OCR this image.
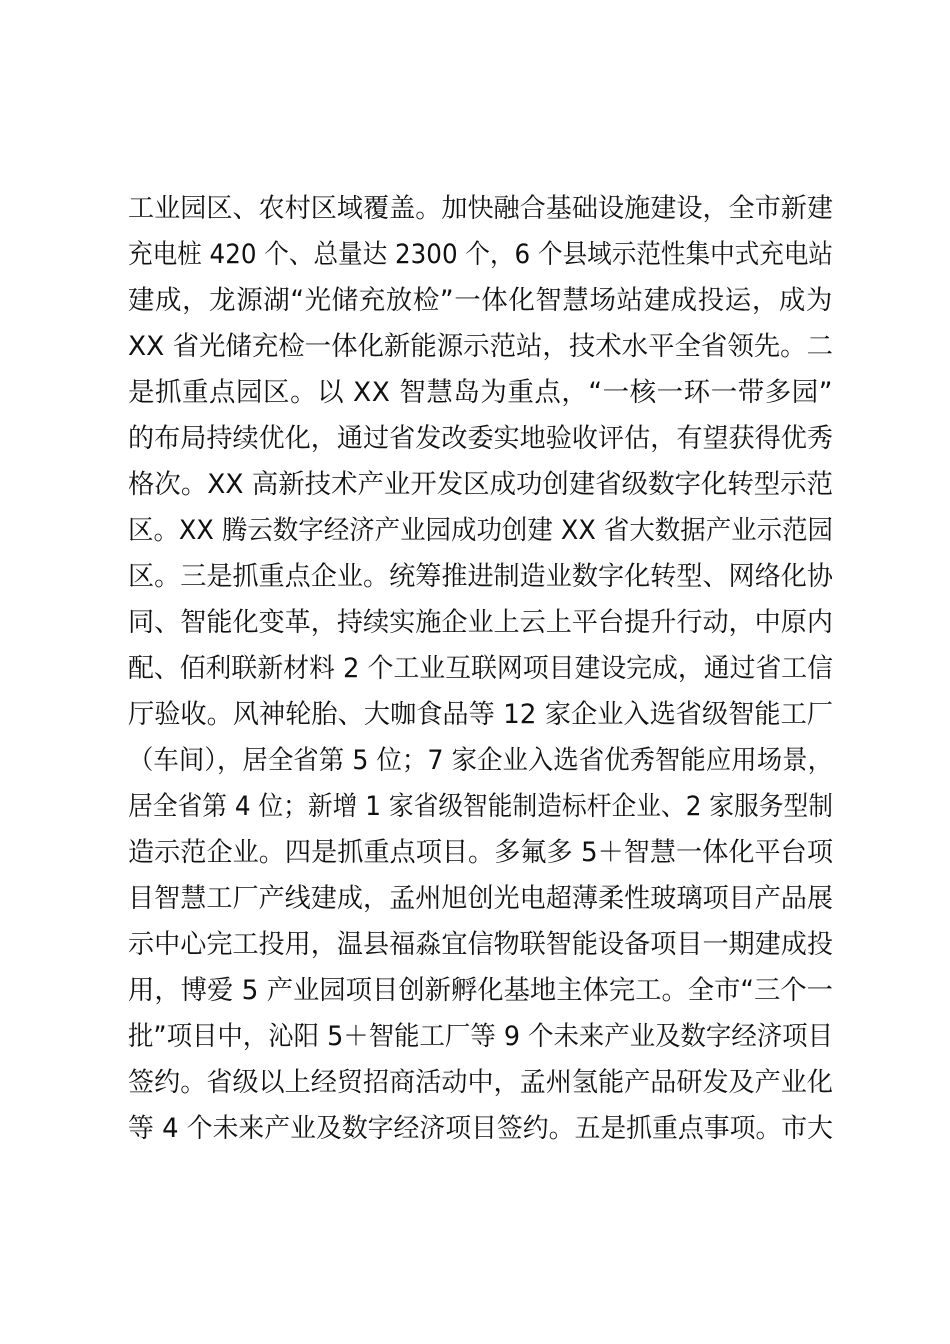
工业园区、农村区域覆盖。加快融合基础设施建设，全市新建
充电桩 420 个、总量达 2300 个，6 个县域示范性集中式充电站
建成，龙源湖“光储充放检”一体化智慧场站建成投运，成为
XX 省光储充检一体化新能源示范站，技术水平全省领先。二
是抓重点园区。以 XX 智慧岛为重点，“一核一环一带多园”
的布局持续优化，通过省发改委实地验收评估，有望获得优秀
格次。XX 高新技术产业开发区成功创建省级数字化转型示范
区。XX 腾云数字经济产业园成功创建 XX 省大数据产业示范园
区。三是抓重点企业。统筹推进制造业数字化转型、网络化协
同、智能化变革，持续实施企业上云上平台提升行动，中原内
配、佰利联新材料 2 个工业互联网项目建设完成，通过省工信
厅验收。风神轮胎、大咖食品等 12 家企业入选省级智能工厂
（车间），居全省第 5 位；7 家企业入选省优秀智能应用场景，
居全省第 4 位；新增 1 家省级智能制造标杆企业、2 家服务型制
造示范企业。四是抓重点项目。多氟多 5＋智慧一体化平台项
目智慧工厂产线建成，孟州旭创光电超薄柔性玻璃项目产品展
示中心完工投用，温县福淼宜信物联智能设备项目一期建成投
用，博爱 5 产业园项目创新孵化基地主体完工。全市“三个一
批”项目中，沁阳 5＋智能工厂等 9 个未来产业及数字经济项目
签约。省级以上经贸招商活动中，孟州氢能产品研发及产业化
等 4 个未来产业及数字经济项目签约。五是抓重点事项。市大
